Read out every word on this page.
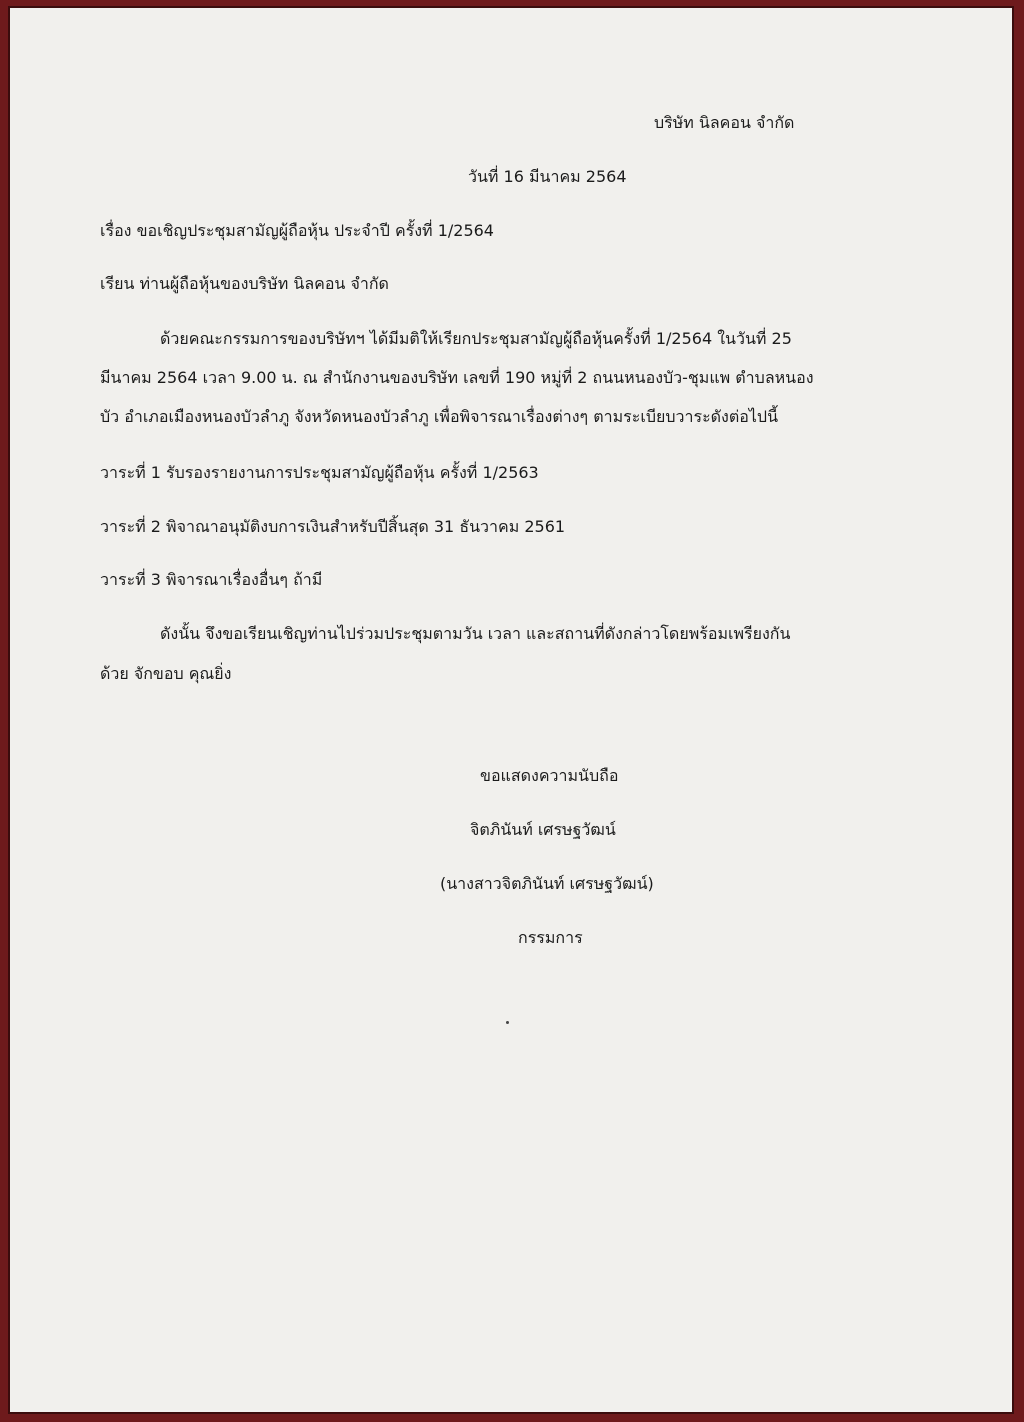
บริษัท นิลคอน จำกัด
วันที่ 16 มีนาคม 2564
เรื่อง ขอเชิญประชุมสามัญผู้ถือหุ้น ประจำปี ครั้งที่ 1/2564
เรียน ท่านผู้ถือหุ้นของบริษัท นิลคอน จำกัด
ด้วยคณะกรรมการของบริษัทฯ ได้มีมติให้เรียกประชุมสามัญผู้ถือหุ้นครั้งที่ 1/2564 ในวันที่ 25
มีนาคม 2564 เวลา 9.00 น. ณ สำนักงานของบริษัท เลขที่ 190 หมู่ที่ 2 ถนนหนองบัว-ชุมแพ ตำบลหนอง
บัว อำเภอเมืองหนองบัวลำภู จังหวัดหนองบัวลำภู เพื่อพิจารณาเรื่องต่างๆ ตามระเบียบวาระดังต่อไปนี้
วาระที่ 1 รับรองรายงานการประชุมสามัญผู้ถือหุ้น ครั้งที่ 1/2563
วาระที่ 2 พิจาณาอนุมัติงบการเงินสำหรับปีสิ้นสุด 31 ธันวาคม 2561
วาระที่ 3 พิจารณาเรื่องอื่นๆ ถ้ามี
ดังนั้น จึงขอเรียนเชิญท่านไปร่วมประชุมตามวัน เวลา และสถานที่ดังกล่าวโดยพร้อมเพรียงกัน
ด้วย จักขอบ คุณยิ่ง
ขอแสดงความนับถือ
จิตภินันท์ เศรษฐวัฒน์
(นางสาวจิตภินันท์ เศรษฐวัฒน์)
กรรมการ
